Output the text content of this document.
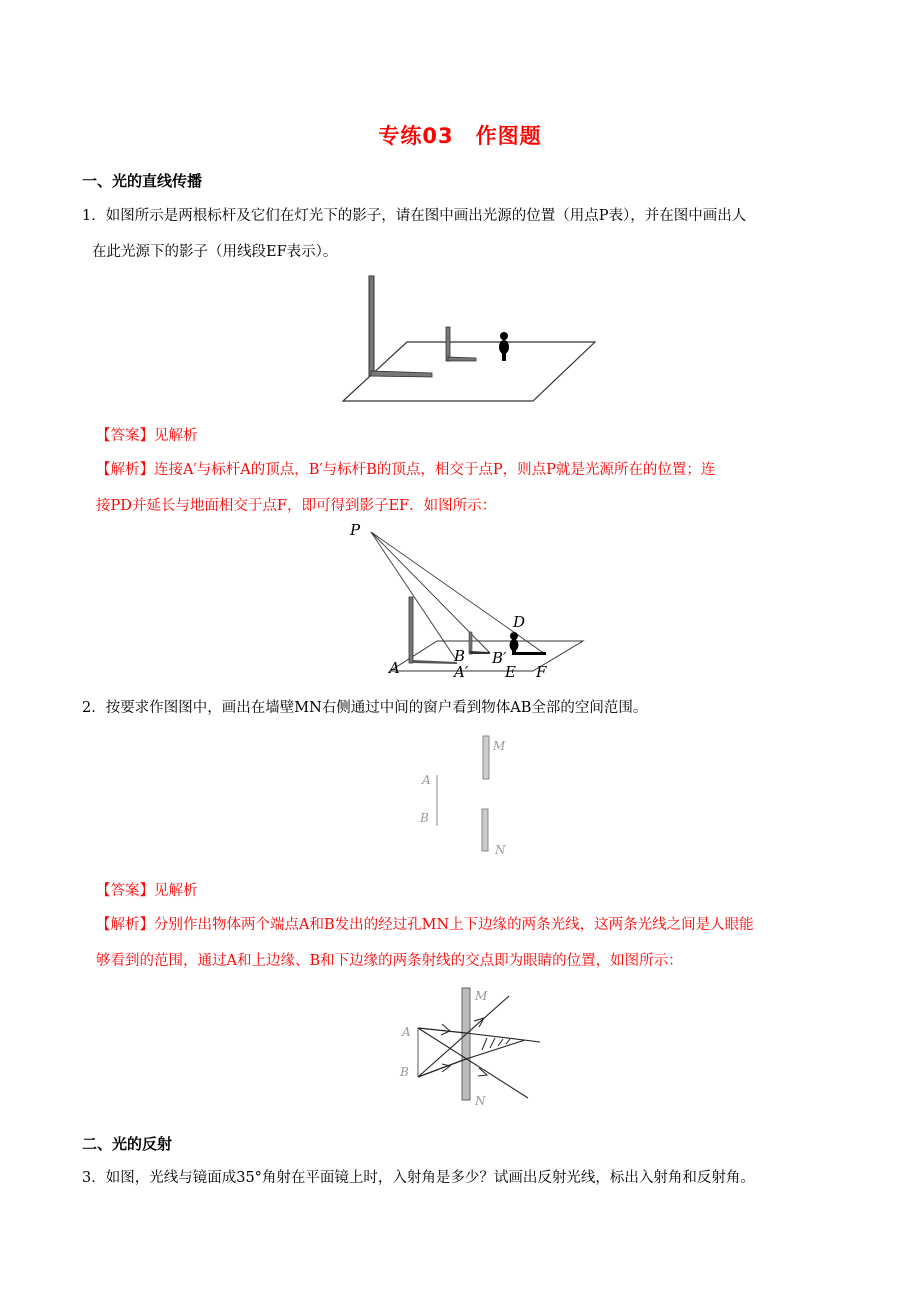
专练03 作图题
一、光的直线传播
1．如图所示是两根标杆及它们在灯光下的影子，请在图中画出光源的位置（用点P表），并在图中画出人
在此光源下的影子（用线段EF表示）。
【答案】见解析
【解析】连接A′与标杆A的顶点，B′与标杆B的顶点，相交于点P，则点P就是光源所在的位置；连
接PD并延长与地面相交于点F，即可得到影子EF．如图所示：
P
D
A	A′
B B′
E F
2．按要求作图图中，画出在墙壁MN右侧通过中间的窗户看到物体AB全部的空间范围。
M
N
A
B
【答案】见解析
【解析】分别作出物体两个端点A和B发出的经过孔MN上下边缘的两条光线，这两条光线之间是人眼能
够看到的范围，通过A和上边缘、B和下边缘的两条射线的交点即为眼睛的位置，如图所示：
M
N
A
B
二、光的反射
3．如图，光线与镜面成35°角射在平面镜上时，入射角是多少？试画出反射光线，标出入射角和反射角。
